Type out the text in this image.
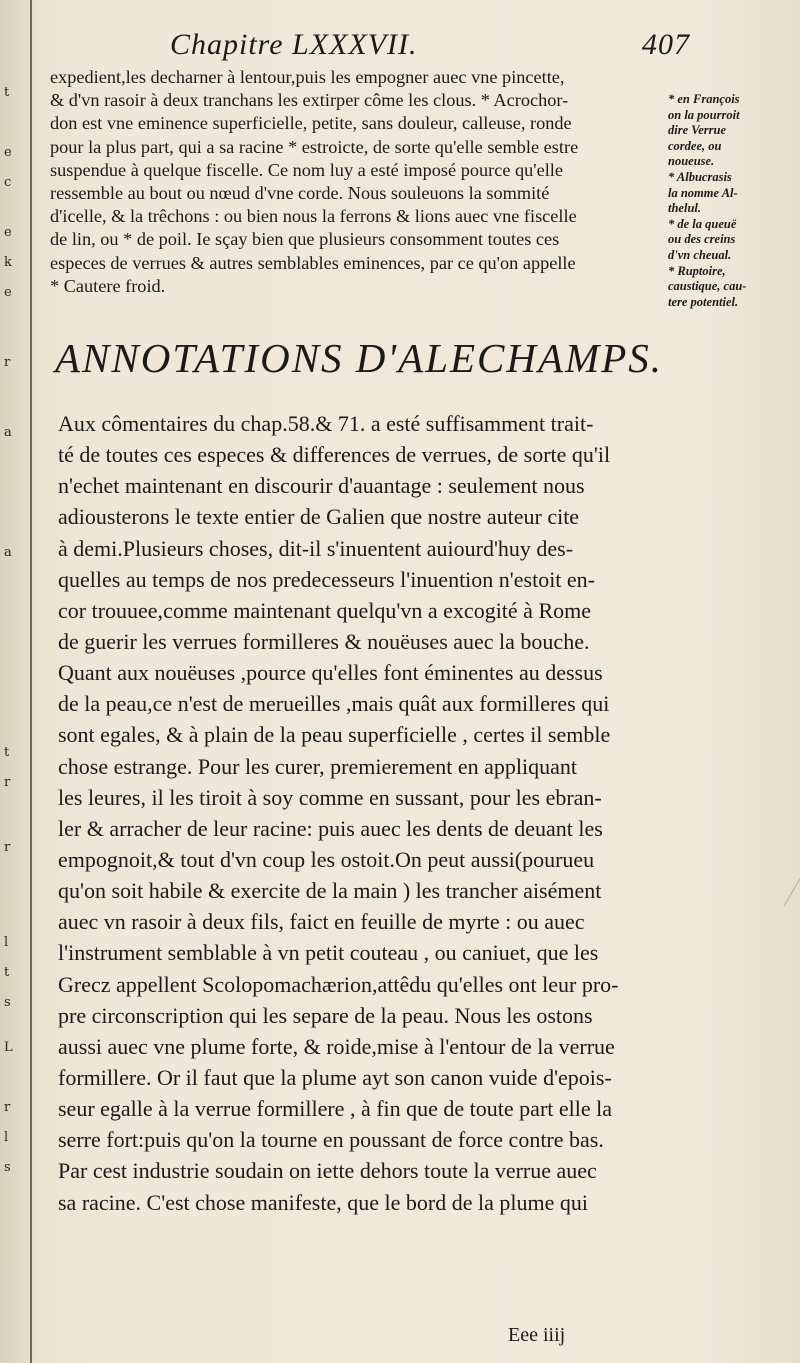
t
e
c
e
k
e
r
a
a
t
r
r
l
t
s
L
r
l
s
Chapitre LXXXVII.	407
expedient,les decharner à lentour,puis les empogner auec vne pincette,
& d'vn rasoir à deux tranchans les extirper côme les clous. * Acrochor-
don est vne eminence superficielle, petite, sans douleur, calleuse, ronde
pour la plus part, qui a sa racine * estroicte, de sorte qu'elle semble estre
suspendue à quelque fiscelle. Ce nom luy a esté imposé pource qu'elle
ressemble au bout ou nœud d'vne corde. Nous souleuons la sommité
d'icelle, & la trêchons : ou bien nous la ferrons & lions auec vne fiscelle
de lin, ou * de poil. Ie sçay bien que plusieurs consomment toutes ces
especes de verrues & autres semblables eminences, par ce qu'on appelle
* Cautere froid.
* en François
on la pourroit
dire Verrue
cordee, ou
noueuse.
* Albucrasis
la nomme Al-
thelul.
* de la queuë
ou des creins
d'vn cheual.
* Ruptoire,
caustique, cau-
tere potentiel.
ANNOTATIONS D'ALECHAMPS.
Aux cômentaires du chap.58.& 71. a esté suffisamment trait-
té de toutes ces especes & differences de verrues, de sorte qu'il
n'echet maintenant en discourir d'auantage : seulement nous
adiousterons le texte entier de Galien que nostre auteur cite
à demi.Plusieurs choses, dit-il s'inuentent auiourd'huy des-
quelles au temps de nos predecesseurs l'inuention n'estoit en-
cor trouuee,comme maintenant quelqu'vn a excogité à Rome
de guerir les verrues formilleres & nouëuses auec la bouche.
Quant aux nouëuses ,pource qu'elles font éminentes au dessus
de la peau,ce n'est de merueilles ,mais quât aux formilleres qui
sont egales, & à plain de la peau superficielle , certes il semble
chose estrange. Pour les curer, premierement en appliquant
les leures, il les tiroit à soy comme en sussant, pour les ebran-
ler & arracher de leur racine: puis auec les dents de deuant les
empognoit,& tout d'vn coup les ostoit.On peut aussi(pourueu
qu'on soit habile & exercite de la main ) les trancher aisément
auec vn rasoir à deux fils, faict en feuille de myrte : ou auec
l'instrument semblable à vn petit couteau , ou caniuet, que les
Grecz appellent Scolopomachærion,attêdu qu'elles ont leur pro-
pre circonscription qui les separe de la peau. Nous les ostons
aussi auec vne plume forte, & roide,mise à l'entour de la verrue
formillere. Or il faut que la plume ayt son canon vuide d'epois-
seur egalle à la verrue formillere , à fin que de toute part elle la
serre fort:puis qu'on la tourne en poussant de force contre bas.
Par cest industrie soudain on iette dehors toute la verrue auec
sa racine. C'est chose manifeste, que le bord de la plume qui
Eee iiij
